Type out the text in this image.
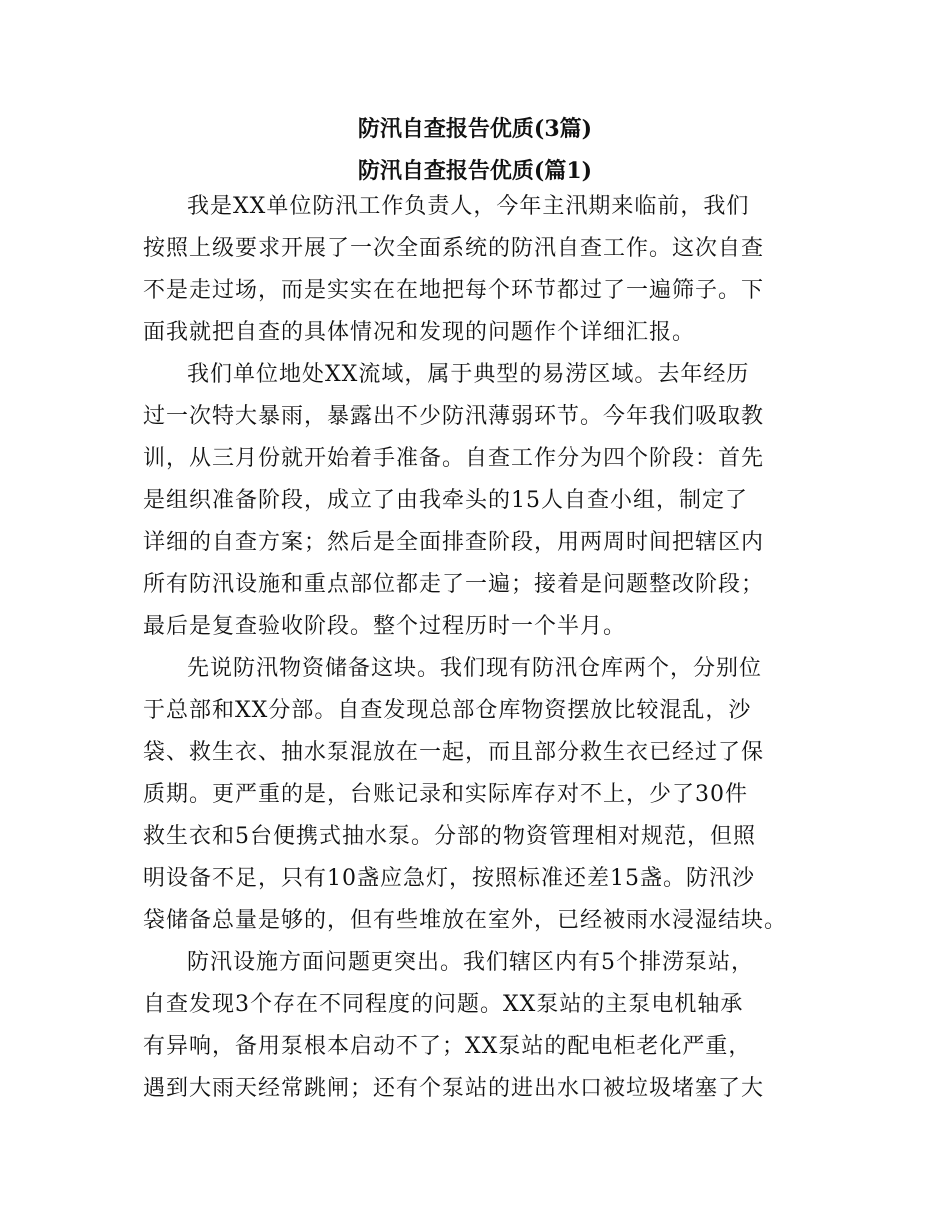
防汛自查报告优质(3篇)
防汛自查报告优质(篇1)
我是XX单位防汛工作负责人，今年主汛期来临前，我们
按照上级要求开展了一次全面系统的防汛自查工作。这次自查
不是走过场，而是实实在在地把每个环节都过了一遍筛子。下
面我就把自查的具体情况和发现的问题作个详细汇报。
我们单位地处XX流域，属于典型的易涝区域。去年经历
过一次特大暴雨，暴露出不少防汛薄弱环节。今年我们吸取教
训，从三月份就开始着手准备。自查工作分为四个阶段：首先
是组织准备阶段，成立了由我牵头的15人自查小组，制定了
详细的自查方案；然后是全面排查阶段，用两周时间把辖区内
所有防汛设施和重点部位都走了一遍；接着是问题整改阶段；
最后是复查验收阶段。整个过程历时一个半月。
先说防汛物资储备这块。我们现有防汛仓库两个，分别位
于总部和XX分部。自查发现总部仓库物资摆放比较混乱，沙
袋、救生衣、抽水泵混放在一起，而且部分救生衣已经过了保
质期。更严重的是，台账记录和实际库存对不上，少了30件
救生衣和5台便携式抽水泵。分部的物资管理相对规范，但照
明设备不足，只有10盏应急灯，按照标准还差15盏。防汛沙
袋储备总量是够的，但有些堆放在室外，已经被雨水浸湿结块。
防汛设施方面问题更突出。我们辖区内有5个排涝泵站，
自查发现3个存在不同程度的问题。XX泵站的主泵电机轴承
有异响，备用泵根本启动不了；XX泵站的配电柜老化严重，
遇到大雨天经常跳闸；还有个泵站的进出水口被垃圾堵塞了大
